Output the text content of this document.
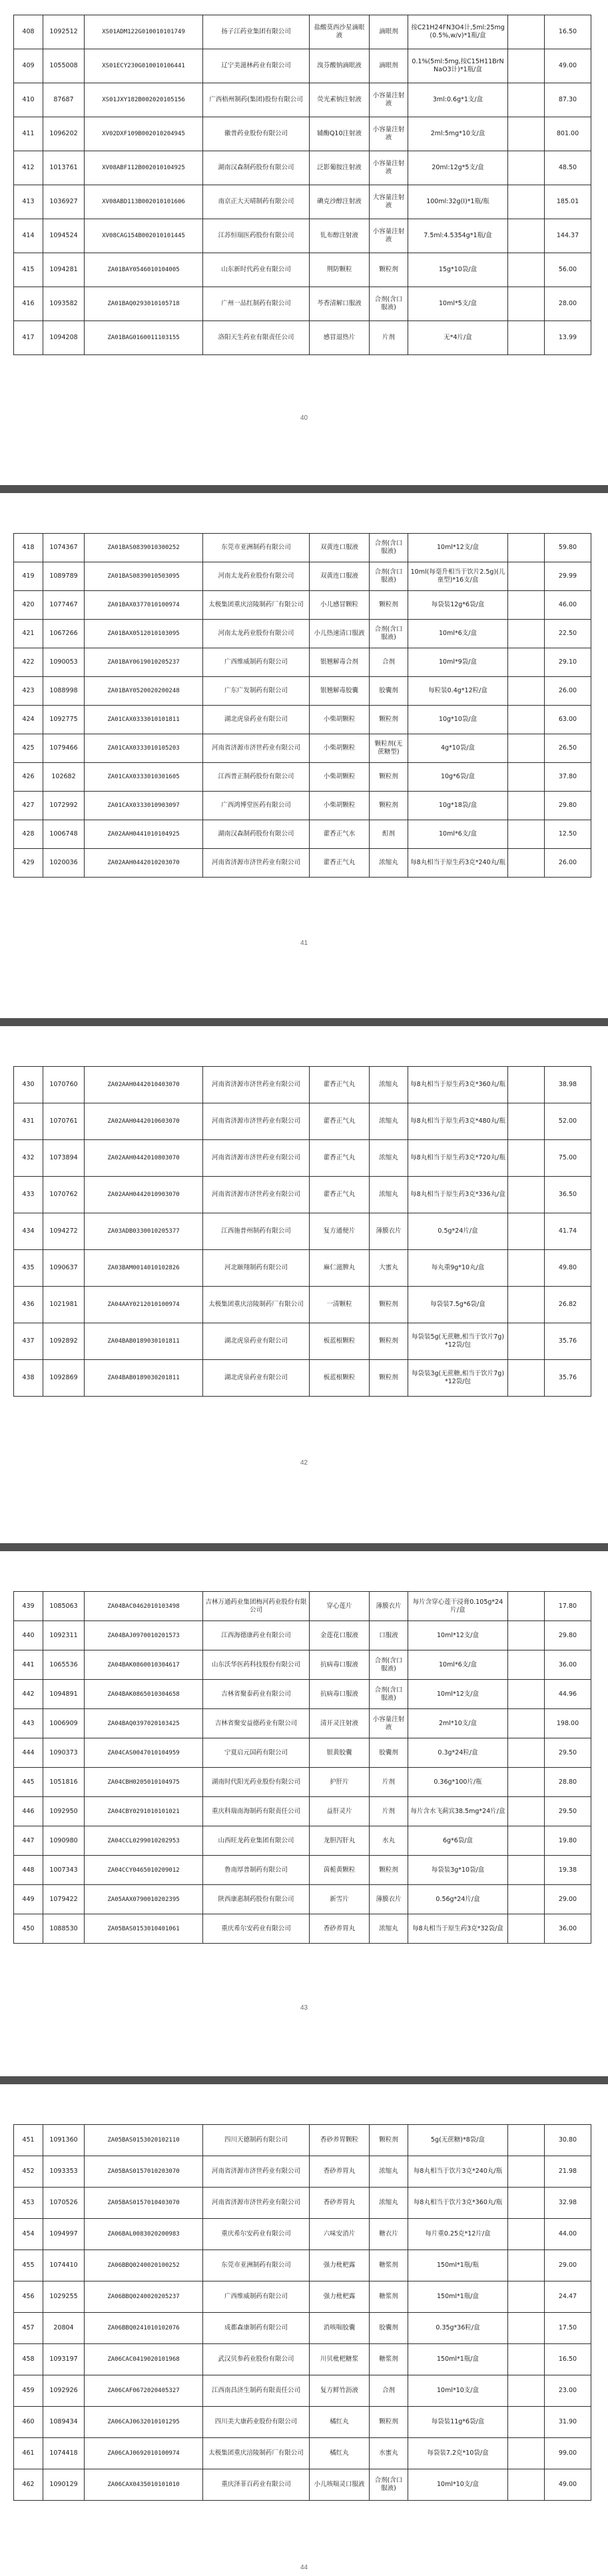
408	1092512	XS01ADM122G010010101749	扬子江药业集团有限公司	盐酸莫西沙星滴眼液	滴眼剂	按C21H24FN3O4计,5ml:25mg(0.5%,w/v)*1瓶/盒		16.50
409	1055008	XS01ECY230G010010106441	辽宁美滋林药业有限公司	溴芬酸钠滴眼液	滴眼剂	0.1%(5ml:5mg,按C15H11BrNNaO3计)*1瓶/盒		49.00
410	87687	XS01JXY182B002020105156	广西梧州制药(集团)股份有限公司	荧光素钠注射液	小容量注射液	3ml:0.6g*1支/盒		87.30
411	1096202	XV02DXF109B002010204945	徽普药业股份有限公司	辅酶Q10注射液	小容量注射液	2ml:5mg*10支/盒		801.00
412	1013761	XV08ABF112B002010104925	湖南汉森制药股份有限公司	泛影葡胺注射液	小容量注射液	20ml:12g*5支/盒		48.50
413	1036927	XV08ABD113B002010101606	南京正大天晴制药有限公司	碘克沙醇注射液	大容量注射液	100ml:32g(I)*1瓶/瓶		185.01
414	1094524	XV08CAG154B002010101445	江苏恒瑞医药股份有限公司	钆布醇注射液	小容量注射液	7.5ml:4.5354g*1瓶/盒		144.37
415	1094281	ZA01BAY0546010104005	山东新时代药业有限公司	荆防颗粒	颗粒剂	15g*10袋/盒		56.00
416	1093582	ZA01BAQ0293010105718	广州一品红制药有限公司	芩香清解口服液	合剂(含口服液)	10ml*5支/盒		28.00
417	1094208	ZA01BAG0160011103155	洛阳天生药业有限责任公司	感冒退热片	片剂	无*4片/盒		13.99
40
418	1074367	ZA01BAS0839010300252	东莞市亚洲制药有限公司	双黄连口服液	合剂(含口服液)	10ml*12支/盒		59.80
419	1089789	ZA01BAS0839010503095	河南太龙药业股份有限公司	双黄连口服液	合剂(含口服液)	10ml(每毫升相当于饮片2.5g)(儿童型)*16支/盒		29.99
420	1077467	ZA01BAX0377010100974	太极集团重庆涪陵制药厂有限公司	小儿感冒颗粒	颗粒剂	每袋装12g*6袋/盒		46.00
421	1067266	ZA01BAX0512010103095	河南太龙药业股份有限公司	小儿热速清口服液	合剂(含口服液)	10ml*6支/盒		22.50
422	1090053	ZA01BAY0619010205237	广西维威制药有限公司	银翘解毒合剂	合剂	10ml*9袋/盒		29.10
423	1088998	ZA01BAY0520020200248	广东广发制药有限公司	银翘解毒胶囊	胶囊剂	每粒装0.4g*12粒/盒		26.00
424	1092775	ZA01CAX0333010101811	湖北虎泉药业有限公司	小柴胡颗粒	颗粒剂	10g*10袋/盒		63.00
425	1079466	ZA01CAX0333010105203	河南省济源市济世药业有限公司	小柴胡颗粒	颗粒剂(无蔗糖型)	4g*10袋/盒		26.50
426	102682	ZA01CAX0333010301605	江西普正制药股份有限公司	小柴胡颗粒	颗粒剂	10g*6袋/盒		37.80
427	1072992	ZA01CAX0333010903097	广西鸿博堂医药有限公司	小柴胡颗粒	颗粒剂	10g*18袋/盒		29.80
428	1006748	ZA02AAH0441010104925	湖南汉森制药股份有限公司	藿香正气水	酊剂	10ml*6支/盒		12.50
429	1020036	ZA02AAH0442010203070	河南省济源市济世药业有限公司	藿香正气丸	浓缩丸	每8丸相当于原生药3克*240丸/瓶		26.00
41
430	1070760	ZA02AAH0442010403070	河南省济源市济世药业有限公司	藿香正气丸	浓缩丸	每8丸相当于原生药3克*360丸/瓶		38.98
431	1070761	ZA02AAH0442010603070	河南省济源市济世药业有限公司	藿香正气丸	浓缩丸	每8丸相当于原生药3克*480丸/瓶		52.00
432	1073894	ZA02AAH0442010803070	河南省济源市济世药业有限公司	藿香正气丸	浓缩丸	每8丸相当于原生药3克*720丸/瓶		75.00
433	1070762	ZA02AAH0442010903070	河南省济源市济世药业有限公司	藿香正气丸	浓缩丸	每8丸相当于原生药3克*336丸/盒		36.50
434	1094272	ZA03ADB0330010205377	江西施普州制药有限公司	复方通便片	薄膜衣片	0.5g*24片/盒		41.74
435	1090637	ZA03BAM0014010102826	河北颐翔制药有限公司	麻仁滋脾丸	大蜜丸	每丸重9g*10丸/盒		49.80
436	1021981	ZA04AAY0212010100974	太极集团重庆涪陵制药厂有限公司	一清颗粒	颗粒剂	每袋装7.5g*6袋/盒		26.82
437	1092892	ZA04BAB0189030101811	湖北虎泉药业有限公司	板蓝根颗粒	颗粒剂	每袋装5g(无蔗糖,相当于饮片7g)*12袋/包		35.76
438	1092869	ZA04BAB0189030201811	湖北虎泉药业有限公司	板蓝根颗粒	颗粒剂	每袋装3g(无蔗糖,相当于饮片7g)*12袋/包		35.76
42
439	1085063	ZA04BAC0462010103498	吉林万通药业集团梅河药业股份有限公司	穿心莲片	薄膜衣片	每片含穿心莲干浸膏0.105g*24片/盒		17.80
440	1092311	ZA04BAJ0970010201573	江西海德康药业有限公司	金莲花口服液	口服液	10ml*12支/盒		29.80
441	1065536	ZA04BAK0860010304617	山东沃华医药科技股份有限公司	抗病毒口服液	合剂(含口服液)	10ml*6支/盒		36.00
442	1094891	ZA04BAK0865010304658	吉林省聚泰药业有限公司	抗病毒口服液	合剂(含口服液)	10ml*12支/盒		44.96
443	1006909	ZA04BAQ0397020103425	吉林省聚安益德药业有限公司	清开灵注射液	小容量注射液	2ml*10支/盒		198.00
444	1090373	ZA04CAS0047010104959	宁夏启元国药有限公司	银黄胶囊	胶囊剂	0.3g*24粒/盒		29.50
445	1051816	ZA04CBH0205010104975	湖南时代阳光药业股份有限公司	护肝片	片剂	0.36g*100片/瓶		28.80
446	1092950	ZA04CBY0291010101021	重庆科瑞南海制药有限责任公司	益肝灵片	片剂	每片含水飞蓟宾38.5mg*24片/盒		29.50
447	1090980	ZA04CCL0299010202953	山西旺龙药业集团有限公司	龙胆泻肝丸	水丸	6g*6袋/盒		19.80
448	1007343	ZA04CCY0465010209012	鲁南厚普制药有限公司	茵栀黄颗粒	颗粒剂	每袋装3g*10袋/盒		19.38
449	1079422	ZA05AAX0790010202395	陕西康惠制药股份有限公司	新雪片	薄膜衣片	0.56g*24片/盒		29.00
450	1088530	ZA05BAS0153010401061	重庆希尔安药业有限公司	香砂养胃丸	浓缩丸	每8丸相当于原生药3克*32袋/盒		36.00
43
451	1091360	ZA05BAS0153020102110	四川天德制药有限公司	香砂养胃颗粒	颗粒剂	5g(无蔗糖)*8袋/盒		30.80
452	1093353	ZA05BAS0157010203070	河南省济源市济世药业有限公司	香砂养胃丸	浓缩丸	每8丸相当于饮片3克*240丸/瓶		21.98
453	1070526	ZA05BAS0157010403070	河南省济源市济世药业有限公司	香砂养胃丸	浓缩丸	每8丸相当于饮片3克*360丸/瓶		32.98
454	1094997	ZA06BAL0083020200983	重庆希尔安药业有限公司	六味安消片	糖衣片	每片重0.25克*12片/盒		44.00
455	1074410	ZA06BBQ0240020100252	东莞市亚洲制药有限公司	强力枇杷露	糖浆剂	150ml*1瓶/瓶		29.00
456	1029255	ZA06BBQ0240020205237	广西维威制药有限公司	强力枇杷露	糖浆剂	150ml*1瓶/盒		24.47
457	20804	ZA06BBQ0241010102076	成都森康制药有限公司	消咳喘胶囊	胶囊剂	0.35g*36粒/盒		17.50
458	1093197	ZA06CAC0419020101968	武汉贝参药业股份有限公司	川贝枇杷糖浆	糖浆剂	150ml*1瓶/盒		16.50
459	1092926	ZA06CAF0672020405327	江西南昌济生制药有限责任公司	复方鲜竹沥液	合剂	10ml*10支/盒		23.00
460	1089434	ZA06CAJ0632010101295	四川美大康药业股份有限公司	橘红丸	颗粒剂	每袋装11g*6袋/盒		31.90
461	1074418	ZA06CAJ0692010100974	太极集团重庆涪陵制药厂有限公司	橘红丸	水蜜丸	每袋装7.2克*10袋/盒		99.00
462	1090129	ZA06CAX0435010101010	重庆泽菲百药业有限公司	小儿咳喘灵口服液	合剂(含口服液)	10ml*10支/盒		49.00
44
